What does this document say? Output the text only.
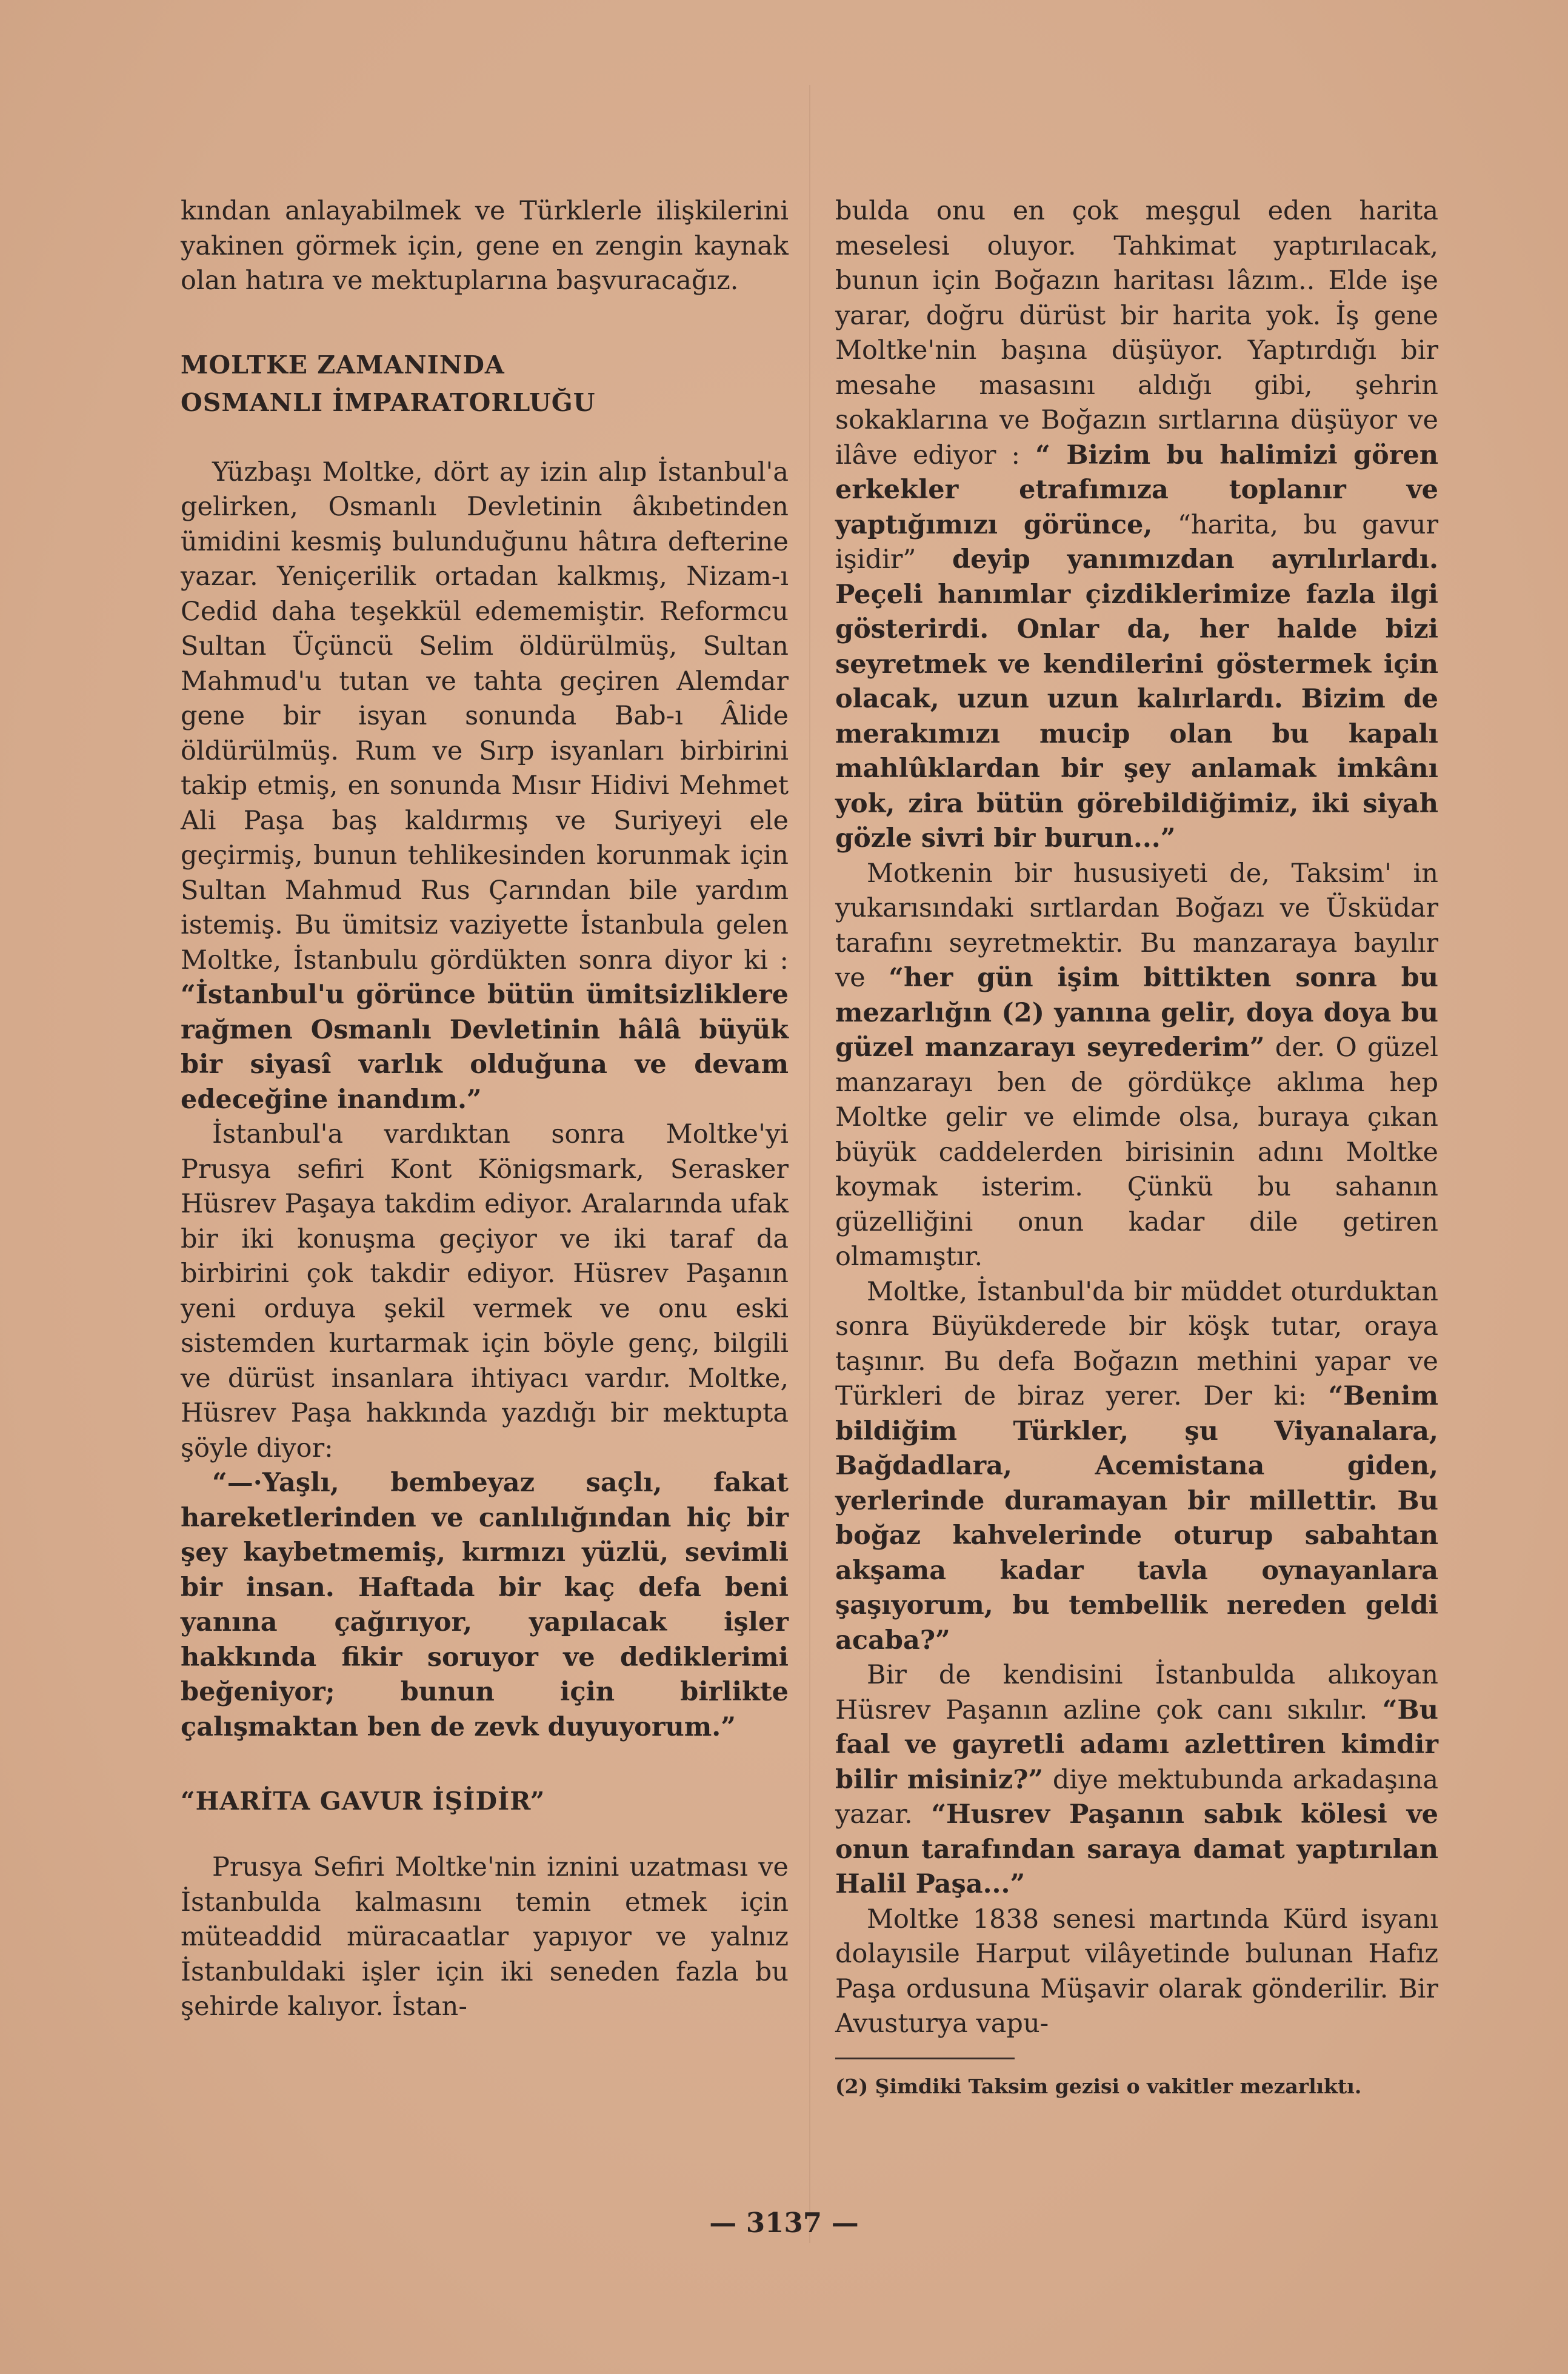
kından anlayabilmek ve Türklerle ilişkilerini yakinen görmek için, gene en zengin kaynak olan hatıra ve mektuplarına başvuracağız.

MOLTKE ZAMANINDA
OSMANLI İMPARATORLUĞU

Yüzbaşı Moltke, dört ay izin alıp İstanbul'a gelirken, Osmanlı Devletinin âkıbetinden ümidini kesmiş bulunduğunu hâtıra defterine yazar. Yeniçerilik ortadan kalkmış, Nizam-ı Cedid daha teşekkül edememiştir. Reformcu Sultan Üçüncü Selim öldürülmüş, Sultan Mahmud'u tutan ve tahta geçiren Alemdar gene bir isyan sonunda Bab-ı Âlide öldürülmüş. Rum ve Sırp isyanları birbirini takip etmiş, en sonunda Mısır Hidivi Mehmet Ali Paşa baş kaldırmış ve Suriyeyi ele geçirmiş, bunun tehlikesinden korunmak için Sultan Mahmud Rus Çarından bile yardım istemiş. Bu ümitsiz vaziyette İstanbula gelen Moltke, İstanbulu gördükten sonra diyor ki : “İstanbul'u görünce bütün ümitsizliklere rağmen Osmanlı Devletinin hâlâ büyük bir siyasî varlık olduğuna ve devam edeceğine inandım.”

İstanbul'a vardıktan sonra Moltke'yi Prusya sefiri Kont Königsmark, Serasker Hüsrev Paşaya takdim ediyor. Aralarında ufak bir iki konuşma geçiyor ve iki taraf da birbirini çok takdir ediyor. Hüsrev Paşanın yeni orduya şekil vermek ve onu eski sistemden kurtarmak için böyle genç, bilgili ve dürüst insanlara ihtiyacı vardır. Moltke, Hüsrev Paşa hakkında yazdığı bir mektupta şöyle diyor:

“—·Yaşlı, bembeyaz saçlı, fakat hareketlerinden ve canlılığından hiç bir şey kaybetmemiş, kırmızı yüzlü, sevimli bir insan. Haftada bir kaç defa beni yanına çağırıyor, yapılacak işler hakkında fikir soruyor ve dediklerimi beğeniyor; bunun için birlikte çalışmaktan ben de zevk duyuyorum.”

“HARİTA GAVUR İŞİDİR”

Prusya Sefiri Moltke'nin iznini uzatması ve İstanbulda kalmasını temin etmek için müteaddid müracaatlar yapıyor ve yalnız İstanbuldaki işler için iki seneden fazla bu şehirde kalıyor. İstan-

bulda onu en çok meşgul eden harita meselesi oluyor. Tahkimat yaptırılacak, bunun için Boğazın haritası lâzım.. Elde işe yarar, doğru dürüst bir harita yok. İş gene Moltke'nin başına düşüyor. Yaptırdığı bir mesahe masasını aldığı gibi, şehrin sokaklarına ve Boğazın sırtlarına düşüyor ve ilâve ediyor : “ Bizim bu halimizi gören erkekler etrafımıza toplanır ve yaptığımızı görünce, “harita, bu gavur işidir” deyip yanımızdan ayrılırlardı. Peçeli hanımlar çizdiklerimize fazla ilgi gösterirdi. Onlar da, her halde bizi seyretmek ve kendilerini göstermek için olacak, uzun uzun kalırlardı. Bizim de merakımızı mucip olan bu kapalı mahlûklardan bir şey anlamak imkânı yok, zira bütün görebildiğimiz, iki siyah gözle sivri bir burun...”

Motkenin bir hususiyeti de, Taksim' in yukarısındaki sırtlardan Boğazı ve Üsküdar tarafını seyretmektir. Bu manzaraya bayılır ve “her gün işim bittikten sonra bu mezarlığın (2) yanına gelir, doya doya bu güzel manzarayı seyrederim” der. O güzel manzarayı ben de gördükçe aklıma hep Moltke gelir ve elimde olsa, buraya çıkan büyük caddelerden birisinin adını Moltke koymak isterim. Çünkü bu sahanın güzelliğini onun kadar dile getiren olmamıştır.

Moltke, İstanbul'da bir müddet oturduktan sonra Büyükderede bir köşk tutar, oraya taşınır. Bu defa Boğazın methini yapar ve Türkleri de biraz yerer. Der ki: “Benim bildiğim Türkler, şu Viyanalara, Bağdadlara, Acemistana giden, yerlerinde duramayan bir millettir. Bu boğaz kahvelerinde oturup sabahtan akşama kadar tavla oynayanlara şaşıyorum, bu tembellik nereden geldi acaba?”

Bir de kendisini İstanbulda alıkoyan Hüsrev Paşanın azline çok canı sıkılır. “Bu faal ve gayretli adamı azlettiren kimdir bilir misiniz?” diye mektubunda arkadaşına yazar. “Husrev Paşanın sabık kölesi ve onun tarafından saraya damat yaptırılan Halil Paşa...”

Moltke 1838 senesi martında Kürd isyanı dolayısile Harput vilâyetinde bulunan Hafız Paşa ordusuna Müşavir olarak gönderilir. Bir Avusturya vapu-

(2) Şimdiki Taksim gezisi o vakitler mezarlıktı.

— 3137 —
